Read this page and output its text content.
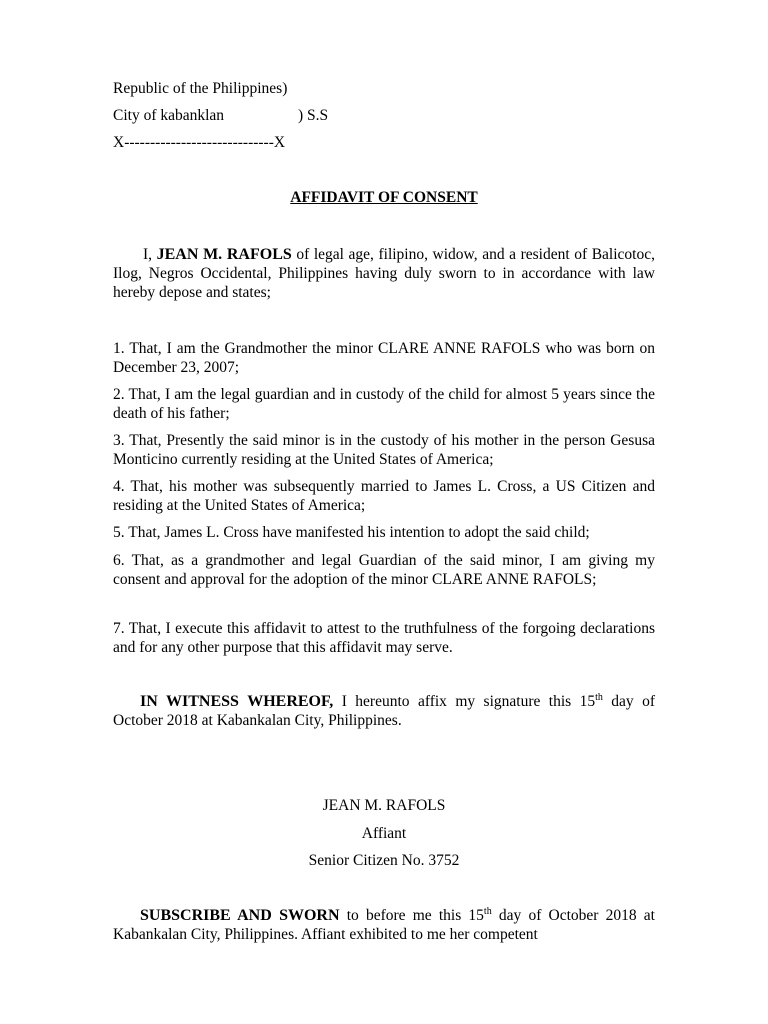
Republic of the Philippines)
City of kabanklan	) S.S
X-----------------------------X
AFFIDAVIT OF CONSENT

I, JEAN M. RAFOLS of legal age, filipino, widow, and a resident of Balicotoc, Ilog, Negros Occidental, Philippines having duly sworn to in accordance with law hereby depose and states;

1. That, I am the Grandmother the minor CLARE ANNE RAFOLS who was born on December 23, 2007;
2. That, I am the legal guardian and in custody of the child for almost 5 years since the death of his father;
3. That, Presently the said minor is in the custody of his mother in the person Gesusa Monticino currently residing at the United States of America;
4. That, his mother was subsequently married to James L. Cross, a US Citizen and residing at the United States of America;
5. That, James L. Cross have manifested his intention to adopt the said child;
6. That, as a grandmother and legal Guardian of the said minor, I am giving my consent and approval for the adoption of the minor CLARE ANNE RAFOLS;
7. That, I execute this affidavit to attest to the truthfulness of the forgoing declarations and for any other purpose that this affidavit may serve.

IN WITNESS WHEREOF, I hereunto affix my signature this 15th day of October 2018 at Kabankalan City, Philippines.

JEAN M. RAFOLS
Affiant
Senior Citizen No. 3752

SUBSCRIBE AND SWORN to before me this 15th day of October 2018 at Kabankalan City, Philippines. Affiant exhibited to me her competent
